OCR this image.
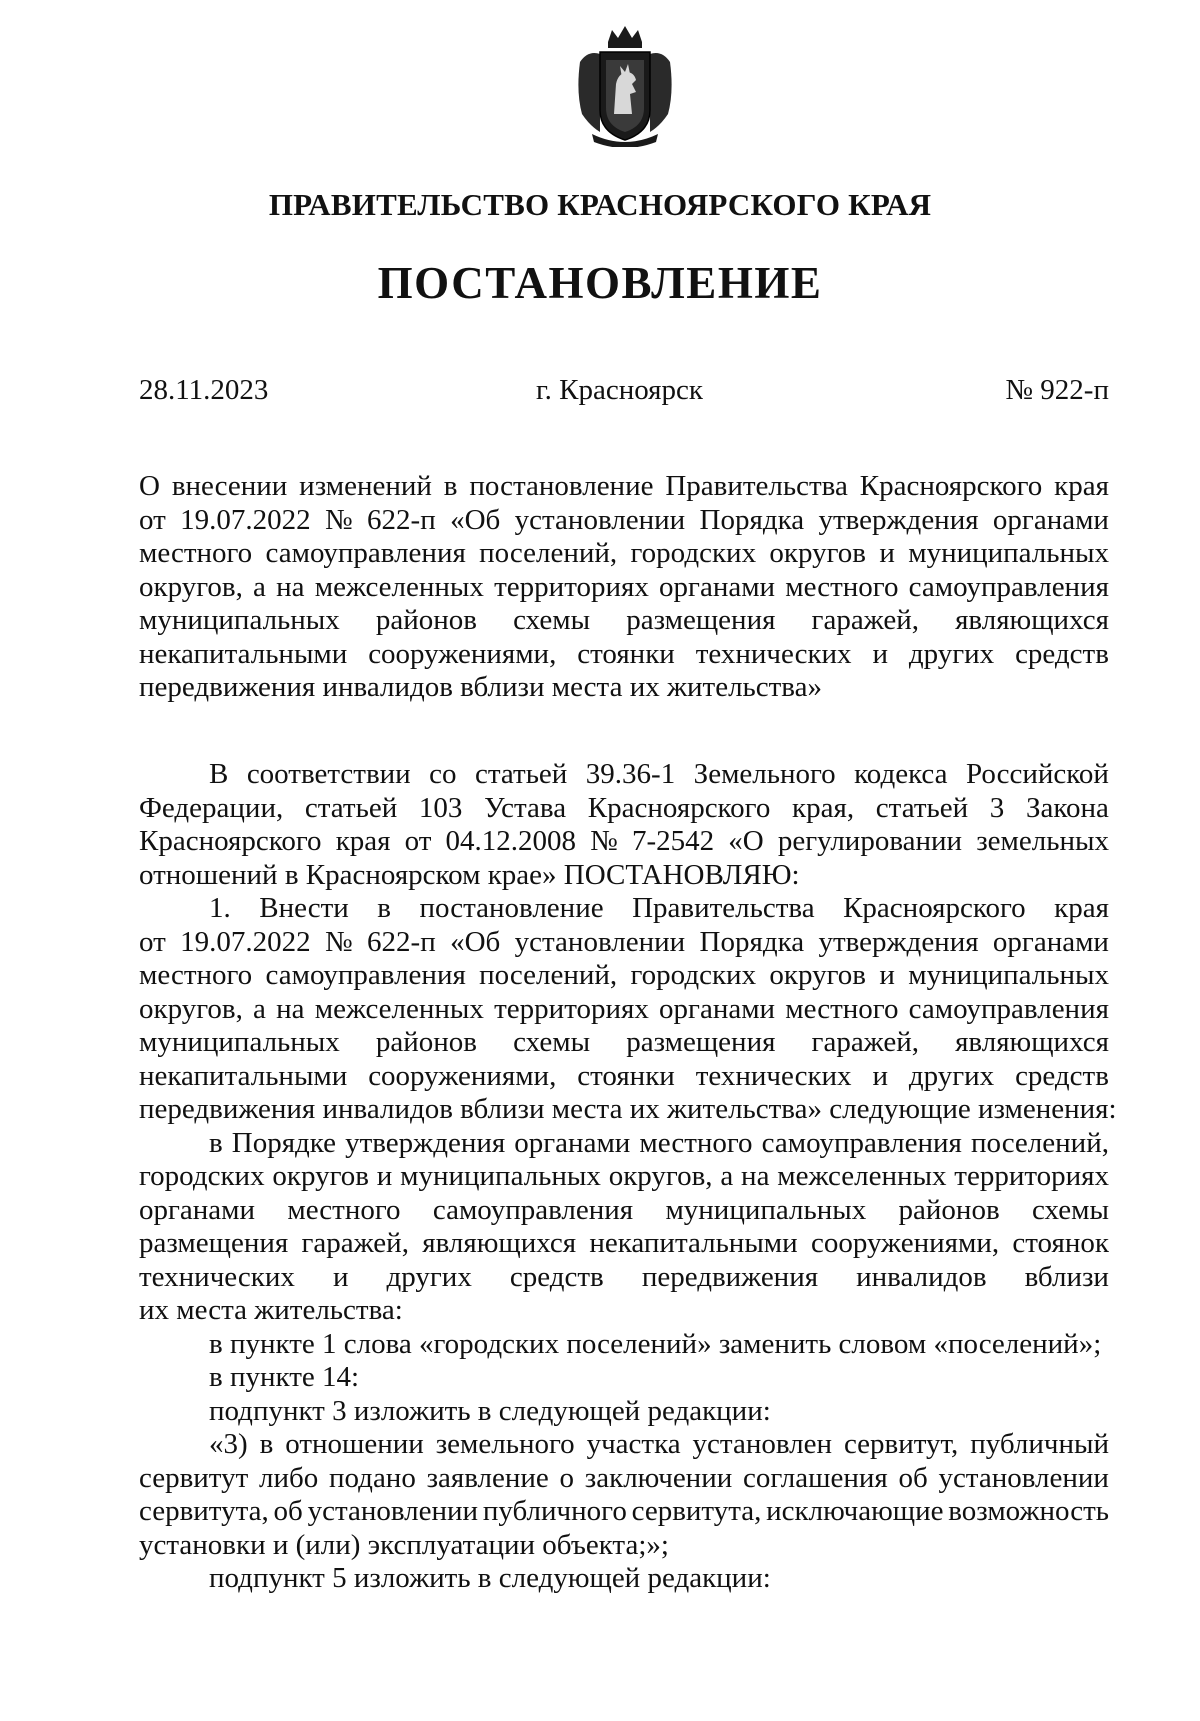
ПРАВИТЕЛЬСТВО КРАСНОЯРСКОГО КРАЯ
ПОСТАНОВЛЕНИЕ
28.11.2023	г. Красноярск	№ 922-п
О внесении изменений в постановление Правительства Красноярского края
от 19.07.2022 № 622-п «Об установлении Порядка утверждения органами
местного самоуправления поселений, городских округов и муниципальных
округов, а на межселенных территориях органами местного самоуправления
муниципальных районов схемы размещения гаражей, являющихся
некапитальными сооружениями, стоянки технических и других средств
передвижения инвалидов вблизи места их жительства»
В соответствии со статьей 39.36-1 Земельного кодекса Российской
Федерации, статьей 103 Устава Красноярского края, статьей 3 Закона
Красноярского края от 04.12.2008 № 7-2542 «О регулировании земельных
отношений в Красноярском крае» ПОСТАНОВЛЯЮ:
1. Внести в постановление Правительства Красноярского края
от 19.07.2022 № 622-п «Об установлении Порядка утверждения органами
местного самоуправления поселений, городских округов и муниципальных
округов, а на межселенных территориях органами местного самоуправления
муниципальных районов схемы размещения гаражей, являющихся
некапитальными сооружениями, стоянки технических и других средств
передвижения инвалидов вблизи места их жительства» следующие изменения:
в Порядке утверждения органами местного самоуправления поселений,
городских округов и муниципальных округов, а на межселенных территориях
органами местного самоуправления муниципальных районов схемы
размещения гаражей, являющихся некапитальными сооружениями, стоянок
технических и других средств передвижения инвалидов вблизи
их места жительства:
в пункте 1 слова «городских поселений» заменить словом «поселений»;
в пункте 14:
подпункт 3 изложить в следующей редакции:
«3) в отношении земельного участка установлен сервитут, публичный
сервитут либо подано заявление о заключении соглашения об установлении
сервитута, об установлении публичного сервитута, исключающие возможность
установки и (или) эксплуатации объекта;»;
подпункт 5 изложить в следующей редакции:
